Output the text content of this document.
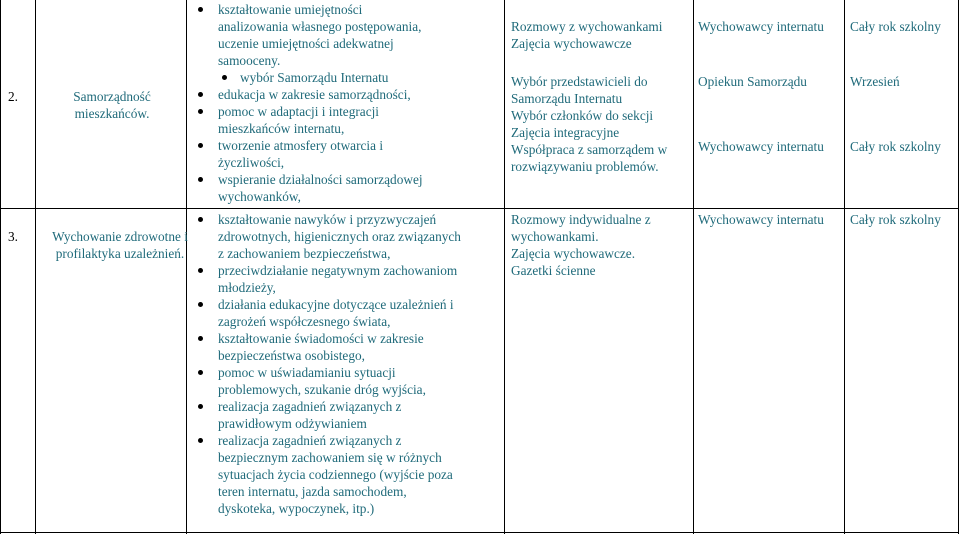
2.	Samorządność
mieszkańców.
kształtowanie umiejętności
analizowania własnego postępowania,
uczenie umiejętności adekwatnej
samooceny.
wybór Samorządu Internatu
edukacja w zakresie samorządności,
pomoc w adaptacji i integracji mieszkańców internatu,
tworzenie atmosfery otwarcia i życzliwości,
wspieranie działalności samorządowej wychowanków,
Rozmowy z wychowankami
Zajęcia wychowawcze
Wybór przedstawicieli do Samorządu Internatu
Wybór członków do sekcji
Zajęcia integracyjne
Współpraca z samorządem w rozwiązywaniu problemów.
Wychowawcy internatu
Opiekun Samorządu
Wychowawcy internatu
Cały rok szkolny
Wrzesień
Cały rok szkolny
3.	Wychowanie zdrowotne i
profilaktyka uzależnień.
kształtowanie nawyków i przyzwyczajeń zdrowotnych, higienicznych oraz związanych z zachowaniem bezpieczeństwa,
przeciwdziałanie negatywnym zachowaniom młodzieży,
działania edukacyjne dotyczące uzależnień i zagrożeń współczesnego świata,
kształtowanie świadomości w zakresie bezpieczeństwa osobistego,
pomoc w uświadamianiu sytuacji problemowych, szukanie dróg wyjścia,
realizacja zagadnień związanych z prawidłowym odżywianiem
realizacja zagadnień związanych z bezpiecznym zachowaniem się w różnych sytuacjach życia codziennego (wyjście poza teren internatu, jazda samochodem, dyskoteka, wypoczynek, itp.)
Rozmowy indywidualne z wychowankami.
Zajęcia wychowawcze.
Gazetki ścienne
Wychowawcy internatu Cały rok szkolny
